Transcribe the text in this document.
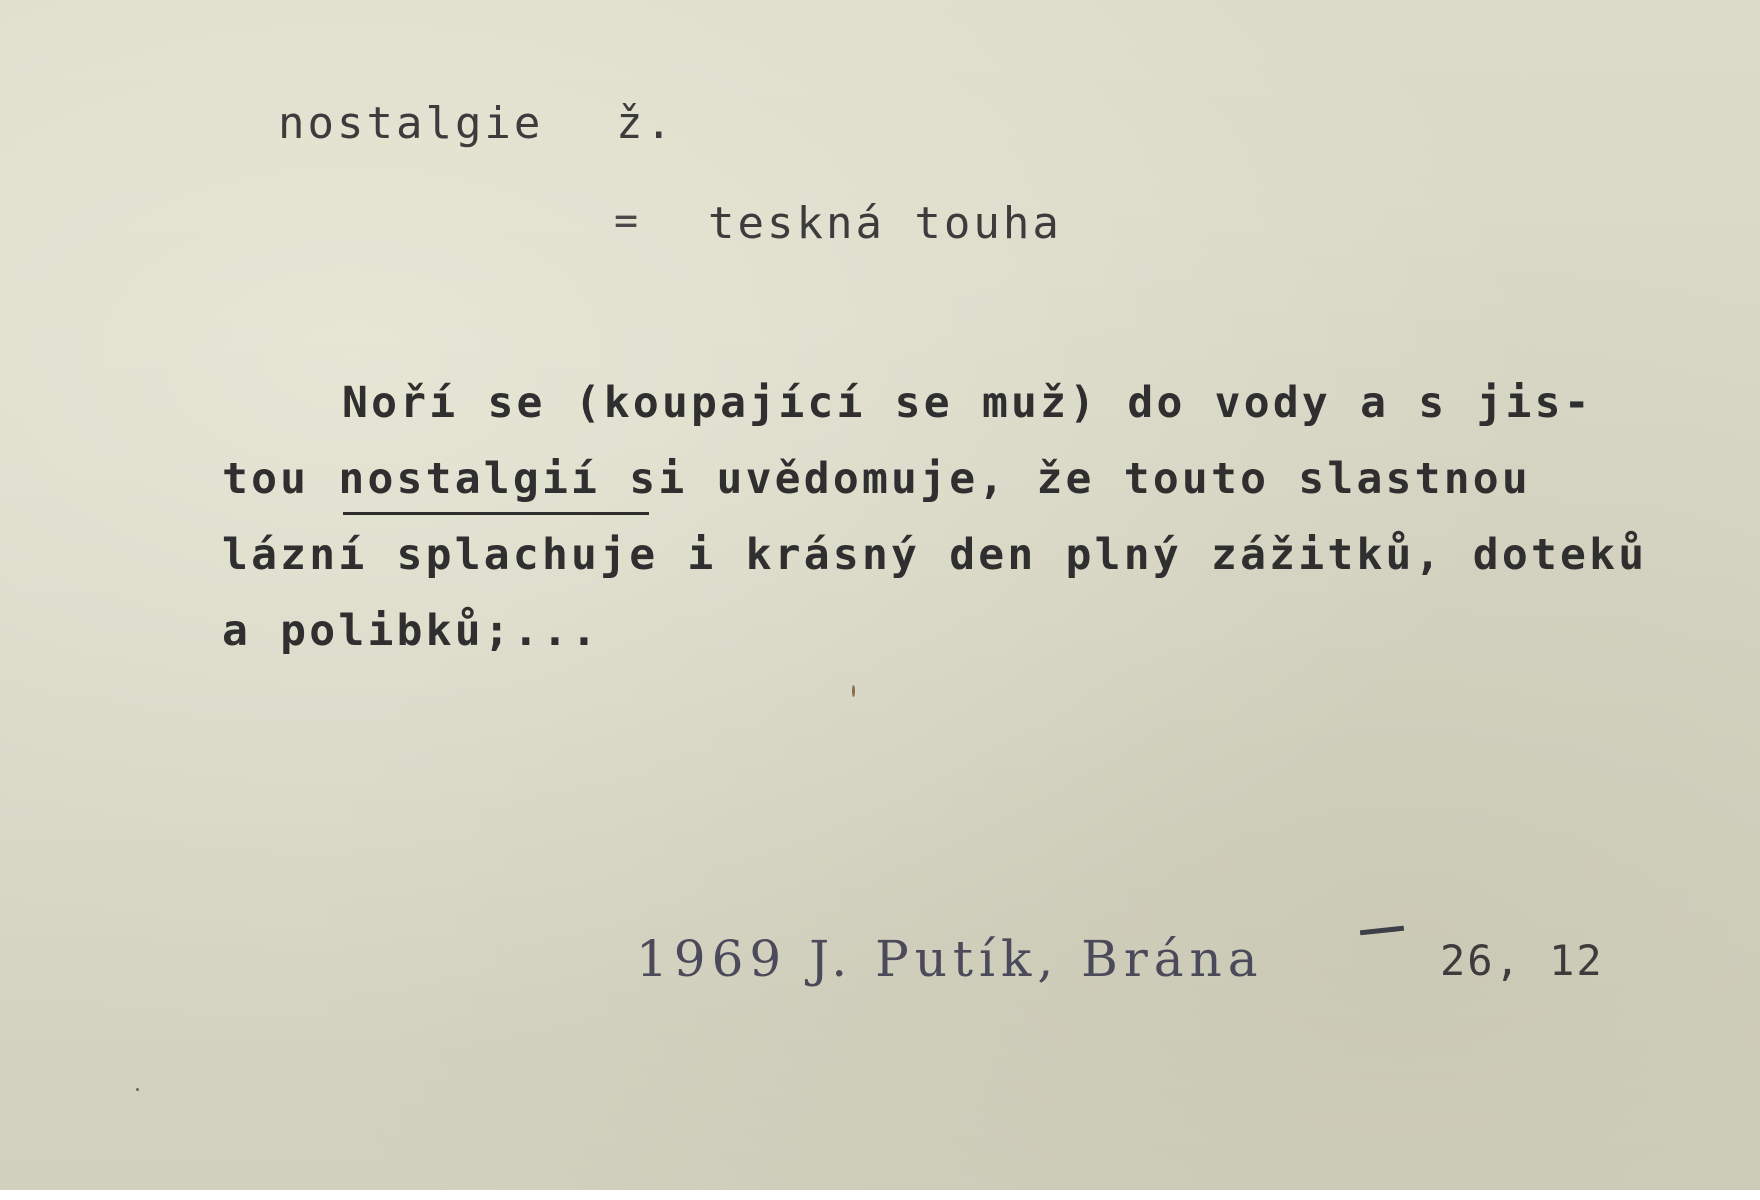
nostalgie ž.
= teskná touha
Noří se (koupající se muž) do vody a s jis-
tou nostalgií si uvědomuje, že touto slastnou
lázní splachuje i krásný den plný zážitků, doteků
a polibků;...
1969 J. Putík, Brána	26, 12
